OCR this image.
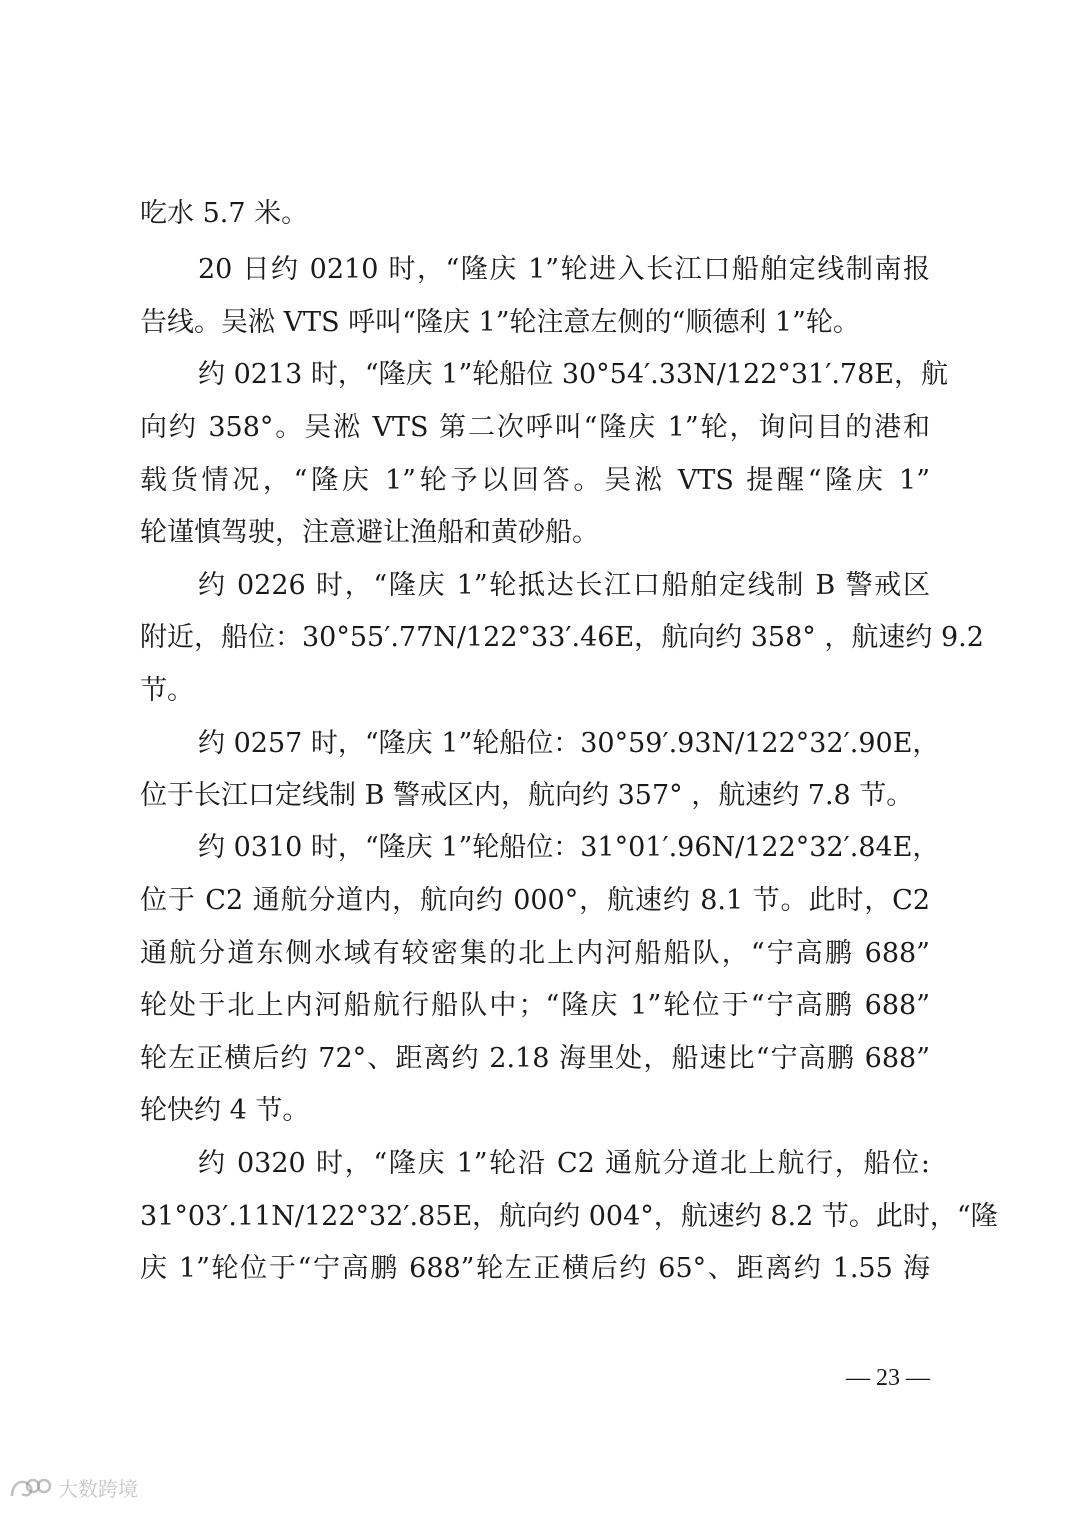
吃水 5.7 米。
20 日约 0210 时，“隆庆 1”轮进入长江口船舶定线制南报
告线。吴淞 VTS 呼叫“隆庆 1”轮注意左侧的“顺德利 1”轮。
约 0213 时，“隆庆 1”轮船位 30°54′.33N/122°31′.78E，航
向约 358°。吴淞 VTS 第二次呼叫“隆庆 1”轮，询问目的港和
载货情况，“隆庆 1”轮予以回答。吴淞 VTS 提醒“隆庆 1”
轮谨慎驾驶，注意避让渔船和黄砂船。
约 0226 时，“隆庆 1”轮抵达长江口船舶定线制 B 警戒区
附近，船位：30°55′.77N/122°33′.46E，航向约 358° ，航速约 9.2
节。
约 0257 时，“隆庆 1”轮船位：30°59′.93N/122°32′.90E，
位于长江口定线制 B 警戒区内，航向约 357° ，航速约 7.8 节。
约 0310 时，“隆庆 1”轮船位：31°01′.96N/122°32′.84E，
位于 C2 通航分道内，航向约 000°，航速约 8.1 节。此时，C2
通航分道东侧水域有较密集的北上内河船船队，“宁高鹏 688”
轮处于北上内河船航行船队中；“隆庆 1”轮位于“宁高鹏 688”
轮左正横后约 72°、距离约 2.18 海里处，船速比“宁高鹏 688”
轮快约 4 节。
约 0320 时，“隆庆 1”轮沿 C2 通航分道北上航行，船位:
31°03′.11N/122°32′.85E，航向约 004°，航速约 8.2 节。此时，“隆
庆 1”轮位于“宁高鹏 688”轮左正横后约 65°、距离约 1.55 海
— 23 —
大数跨境
